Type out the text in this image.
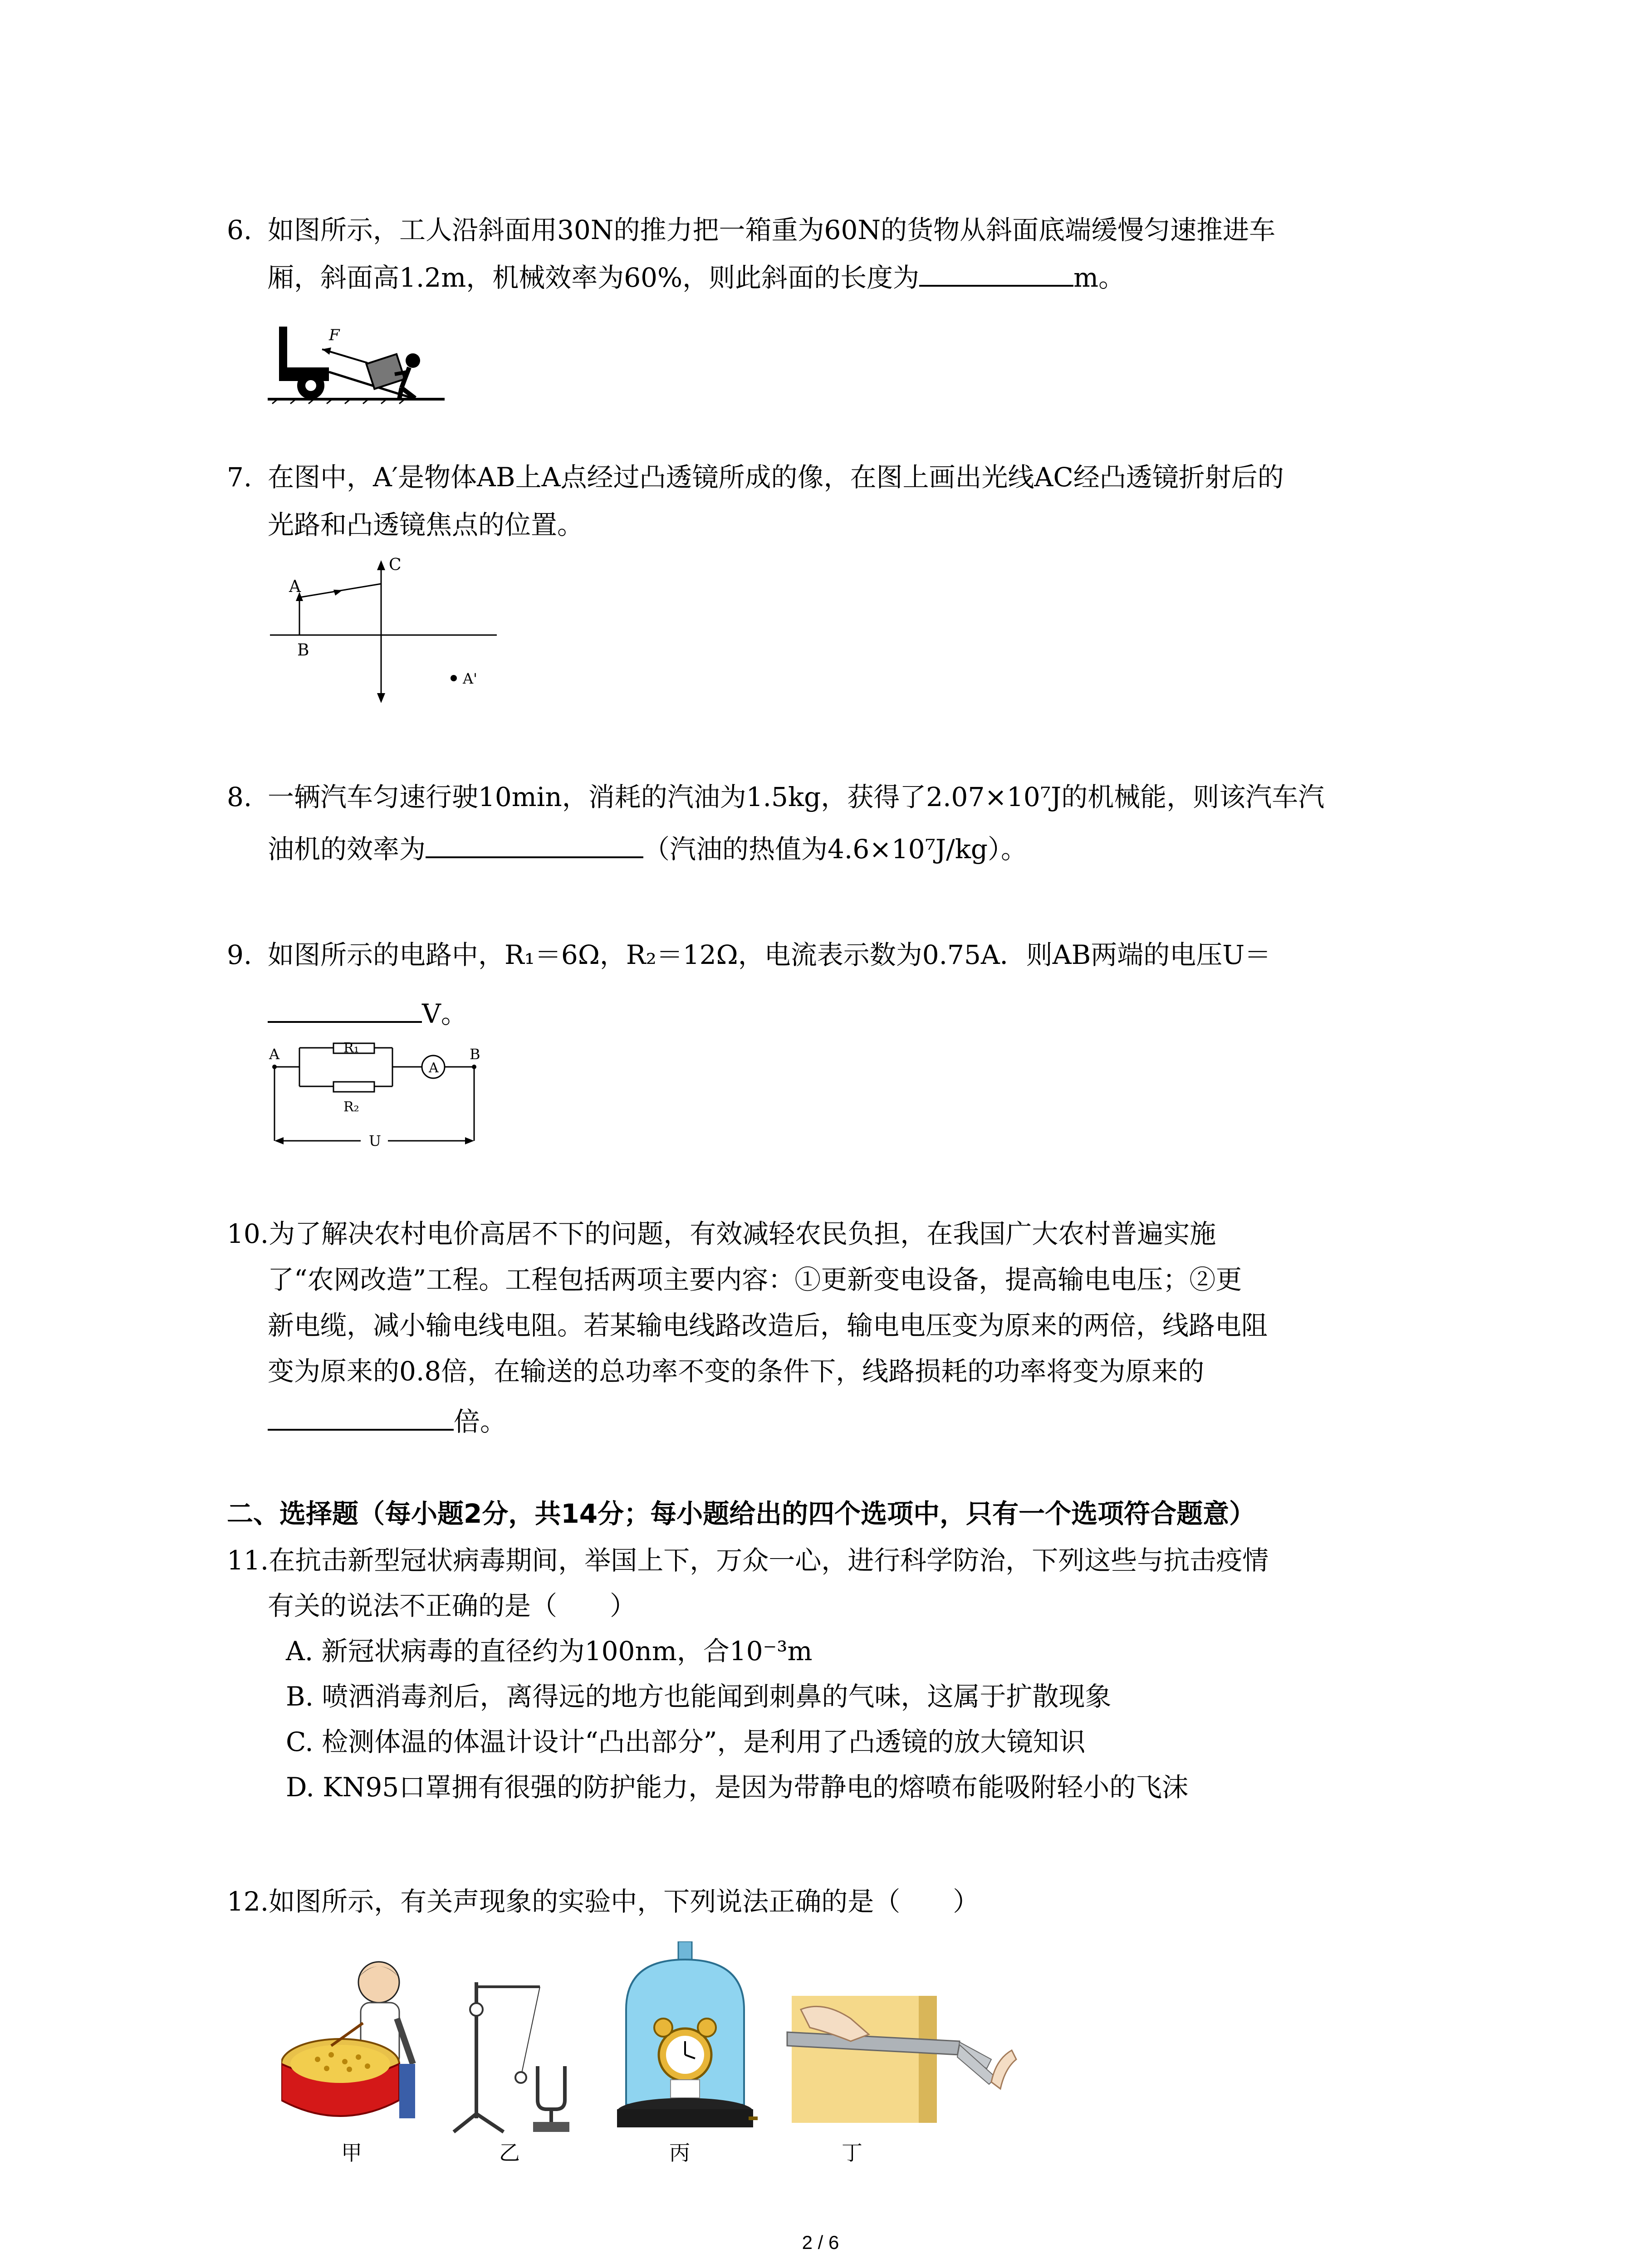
6. 如图所示，工人沿斜面用30N的推力把一箱重为60N的货物从斜面底端缓慢匀速推进车
厢，斜面高1.2m，机械效率为60%，则此斜面的长度为	m。
F
7. 在图中，A′是物体AB上A点经过凸透镜所成的像，在图上画出光线AC经凸透镜折射后的
光路和凸透镜焦点的位置。
A
B
C
A'
8. 一辆汽车匀速行驶10min，消耗的汽油为1.5kg，获得了2.07×10⁷J的机械能，则该汽车汽
油机的效率为	（汽油的热值为4.6×10⁷J/kg）。
9. 如图所示的电路中，R₁＝6Ω，R₂＝12Ω，电流表示数为0.75A．则AB两端的电压U＝
V。
A	B
R₁
R₂
A
U
10.为了解决农村电价高居不下的问题，有效减轻农民负担，在我国广大农村普遍实施
了“农网改造”工程。工程包括两项主要内容：①更新变电设备，提高输电电压；②更
新电缆，减小输电线电阻。若某输电线路改造后，输电电压变为原来的两倍，线路电阻
变为原来的0.8倍，在输送的总功率不变的条件下，线路损耗的功率将变为原来的
倍。
二、选择题（每小题2分，共14分；每小题给出的四个选项中，只有一个选项符合题意）
11.在抗击新型冠状病毒期间，举国上下，万众一心，进行科学防治，下列这些与抗击疫情
有关的说法不正确的是（　　）
A. 新冠状病毒的直径约为100nm，合10⁻³m
B. 喷洒消毒剂后，离得远的地方也能闻到刺鼻的气味，这属于扩散现象
C. 检测体温的体温计设计“凸出部分”，是利用了凸透镜的放大镜知识
D. KN95口罩拥有很强的防护能力，是因为带静电的熔喷布能吸附轻小的飞沫
12.如图所示，有关声现象的实验中，下列说法正确的是（　　）
甲	乙	丙	丁
2 / 6
